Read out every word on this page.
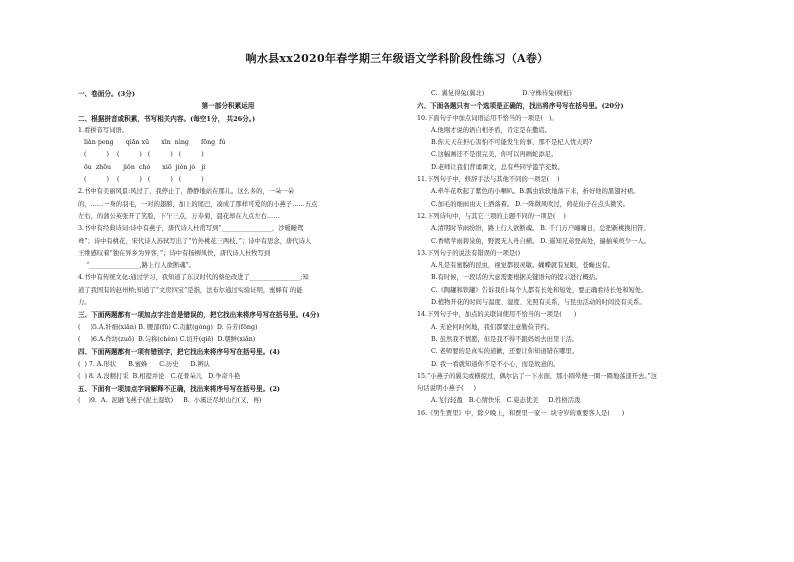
响水县xx2020年春学期三年级语文学科阶段性练习（A卷）
一、卷面分。(3分)
第一部分积累运用
二、根据拼音或积累，书写相关内容。(每空1分， 共26分。)
1.看拼音写词语。
liàn peng      qiān xū      xīn  nìng      fōng  fú
(          )    (          )   (          )   (          )
ōu  zhōu      jiǒn  chó      xiō  jiòn jó   jí
(          )    (          )   (          )   (          )
2.书中有美丽风景:风过了，我停止了，静静地站在那儿。这么多的，一朵一朵
的，……一身的羽毛，一对的翅膀，加上的尾巴，凑成了那样可爱的的小燕子……五点
左右，的蒲公英张开了笑脸，下午三点，万寿菊，晨花却在九点左右……
3.书中有经典诗词:诗中有燕子，唐代诗人杜甫写到“________________，沙暖睡鸳
鸯”；诗中有桃花，宋代诗人苏轼写出了“竹外桃花三两枝，”；诗中有思念，唐代诗人
王维感叹着“独在异乡为异客，”；诗中有扬柳风快，唐代诗人杜牧写到
“________________,路上行人欲断魂”。
4.书中有传统文化:通过学习，我知道了东汉时代的蔡伦改进了________________;知
道了我国有的赵州桥;知道了“文房四宝”是指，法布尔通过实验证明，蜜蜂有 的能
力。
三、下面两题都有一项加点字注音是错误的，把它找出来将序号写在括号里。(4分)
(     )5.A.纤细(xiān) B. 腰部(fū) C.贡献(gòng)  D. 芬芳(fōng)
(     )6.A.作坊(zuō)  B.匀称(chèn) C.切开(qiē)  D.朝鲜(xiǎn)
四、下面两题都有一项有错别字，把它找出来将序号写在括号里。(4)
(  ) 7. A.形状      B.蜜蜂      C.历史      D.辨认
(  ) 8. A.没精打采  B.相提并论   C.花骨朵儿   D.争奇斗艳
五、下面有一项加点字词解释不正确，找出来将序号写在括号里。(2)
(    )9.  A.  泥融飞燕子(泥土湿软)     B.  小溪泛尽却山行(又，再)
C.  翼复得兔(翼北)                   D.守株待兔(树桩)
六、下面各题只有一个选项是正确的，找出将序号写在括号里。(20分)
10.下面句子中加点词语运用不恰当的一项是(   )。
A.他刚才说的语自相矛盾，肯定是在撒谎。
B.你天天在担心害怕不可能发生的事，那不是杞人忧天吗?
C.这幅画还不是很完美，你可以再画蛇添足。
D.老师让我们背诵课文，总有些同学滥竽充数。
11.下列句子中，修辞手法与其他不同的一项是(    )
A.牵牛花吹起了紫色的小喇叭。B.瓢虫软软地落下来，折好他的黑翅衬裙。
C.加毛的细雨由天上洒落着。 D.一阵微风吹过，荷花仙子在点头微笑。
12.下列诗句中，与其它三项的主题不同的一项是(    )
A.清明时节雨纷纷，路上行人欲断魂。 B. 千门万户曈曈日，总把新桃换旧符。
C.香喷苹雨碧泉鱼，野渡无人舟自横。 D. 遥知兄弟登高处，遍插茱萸少一人。
13.下列句子的说法有错误的一项是()
A.凡是有蜜腺的昆虫，视觉都很灵敏。蝴蝶就有复眼，苍蝇也有。
B.有时候，一段话的大意需要根据关键语句的提示进行概括。
C.《陶罐和铁罐》告诉我们:每个人都有长处和短处，要正确看待长处和短处。
D.植物开花的时间与温度、湿度、光照有关系，与昆虫活动的时间没有关系。
14.下列句子中，加点的关联词使用不恰当的一项是(      )
A. 无论何时何地，我们都要注意勤俭节约。
B. 虽然我不情愿，但是我不得不跟妈妈去田里干活。
C. 老师要的是真实的道歉，还要让你知道错在哪里。
D. 我一看就知道你不是不小心，而是故意的。
15.“小燕子的翼尖或横掠过，偶尔沾了一下水面，那小圆晕便一圈一圈地荡漾开去。”这
句话说明小燕子(     )
A.飞行轻盈   B.心情快乐   C.姿态优美     D.性格活泼
16.《男生贾里》中，除夕晚上，和贾里一家一  块守岁的重要客人是(      )
